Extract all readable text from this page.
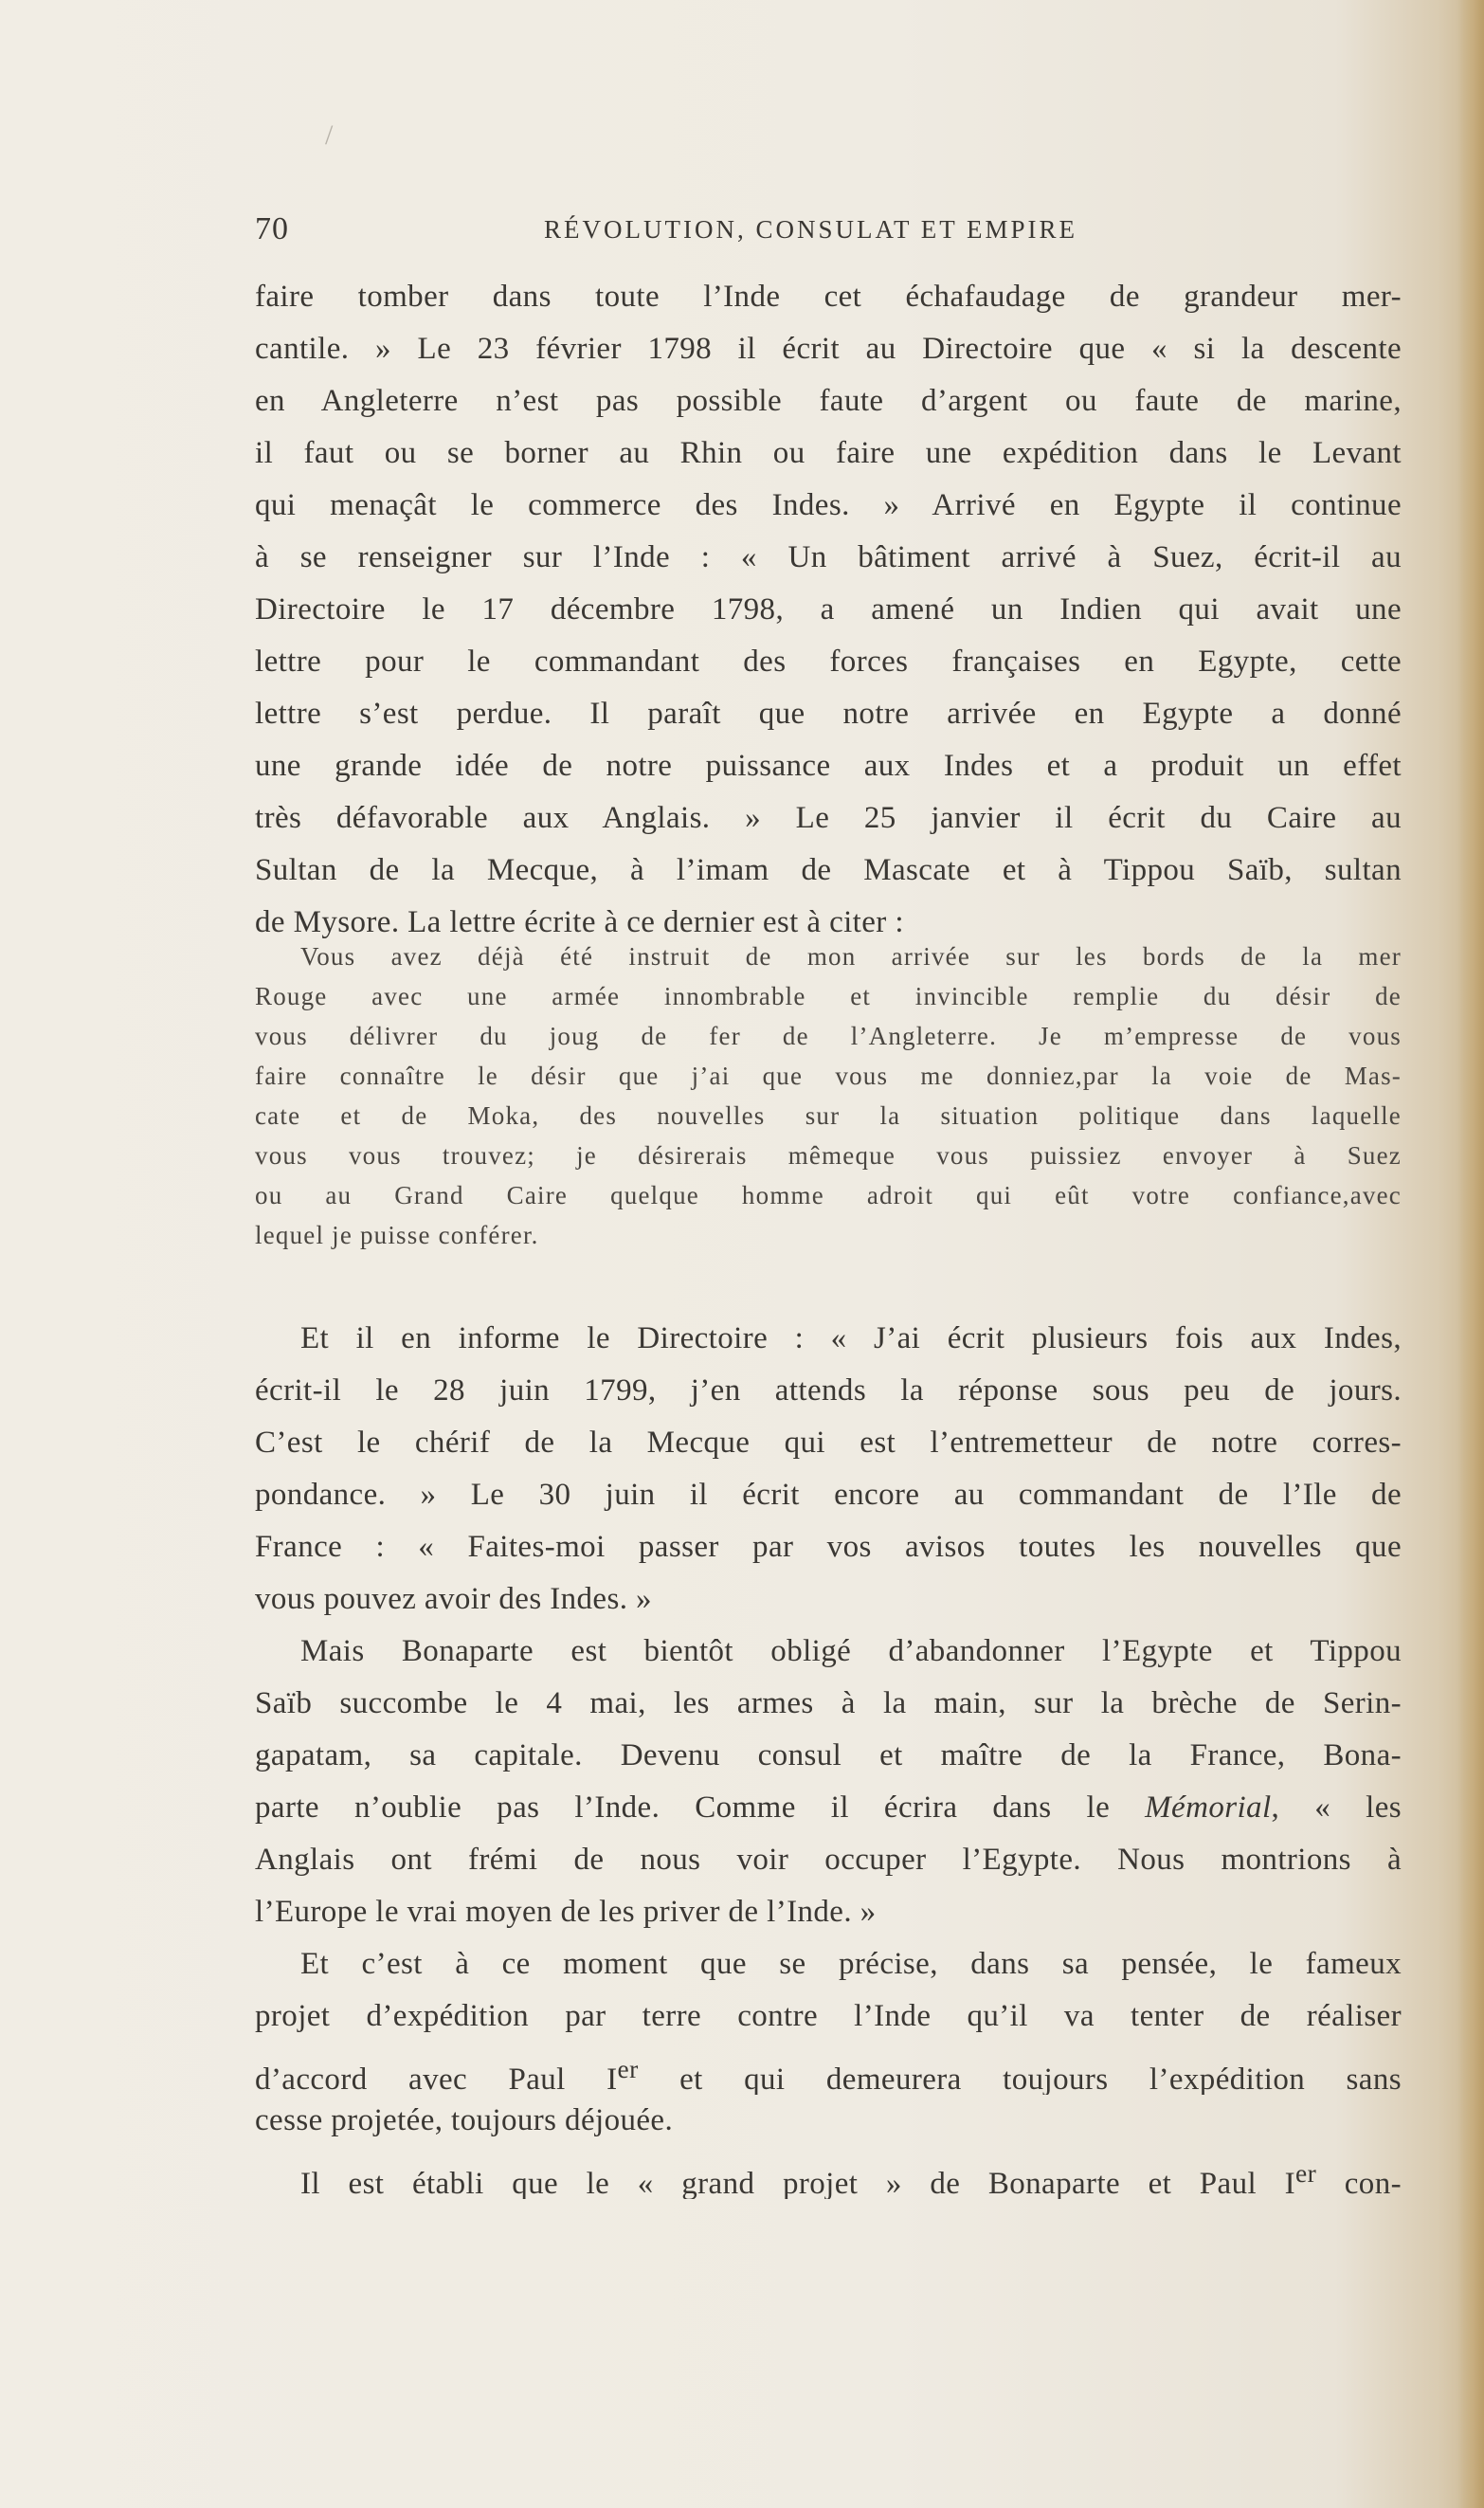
/
70	RÉVOLUTION, CONSULAT ET EMPIRE
faire tomber dans toute l’Inde cet échafaudage de grandeur mer-
cantile. » Le 23 février 1798 il écrit au Directoire que « si la descente
en Angleterre n’est pas possible faute d’argent ou faute de marine,
il faut ou se borner au Rhin ou faire une expédition dans le Levant
qui menaçât le commerce des Indes. » Arrivé en Egypte il continue
à se renseigner sur l’Inde : « Un bâtiment arrivé à Suez, écrit-il au
Directoire le 17 décembre 1798, a amené un Indien qui avait une
lettre pour le commandant des forces françaises en Egypte, cette
lettre s’est perdue. Il paraît que notre arrivée en Egypte a donné
une grande idée de notre puissance aux Indes et a produit un effet
très défavorable aux Anglais. » Le 25 janvier il écrit du Caire au
Sultan de la Mecque, à l’imam de Mascate et à Tippou Saïb, sultan
de Mysore. La lettre écrite à ce dernier est à citer :
Vous avez déjà été instruit de mon arrivée sur les bords de la mer
Rouge avec une armée innombrable et invincible remplie du désir de
vous délivrer du joug de fer de l’Angleterre. Je m’empresse de vous
faire connaître le désir que j’ai que vous me donniez,par la voie de Mas-
cate et de Moka, des nouvelles sur la situation politique dans laquelle
vous vous trouvez; je désirerais mêmeque vous puissiez envoyer à Suez
ou au Grand Caire quelque homme adroit qui eût votre confiance,avec
lequel je puisse conférer.
Et il en informe le Directoire : « J’ai écrit plusieurs fois aux Indes,
écrit-il le 28 juin 1799, j’en attends la réponse sous peu de jours.
C’est le chérif de la Mecque qui est l’entremetteur de notre corres-
pondance. » Le 30 juin il écrit encore au commandant de l’Ile de
France : « Faites-moi passer par vos avisos toutes les nouvelles que
vous pouvez avoir des Indes. »
Mais Bonaparte est bientôt obligé d’abandonner l’Egypte et Tippou
Saïb succombe le 4 mai, les armes à la main, sur la brèche de Serin-
gapatam, sa capitale. Devenu consul et maître de la France, Bona-
parte n’oublie pas l’Inde. Comme il écrira dans le Mémorial, « les
Anglais ont frémi de nous voir occuper l’Egypte. Nous montrions à
l’Europe le vrai moyen de les priver de l’Inde. »
Et c’est à ce moment que se précise, dans sa pensée, le fameux
projet d’expédition par terre contre l’Inde qu’il va tenter de réaliser
d’accord avec Paul Ier et qui demeurera toujours l’expédition sans
cesse projetée, toujours déjouée.
Il est établi que le « grand projet » de Bonaparte et Paul Ier con-
